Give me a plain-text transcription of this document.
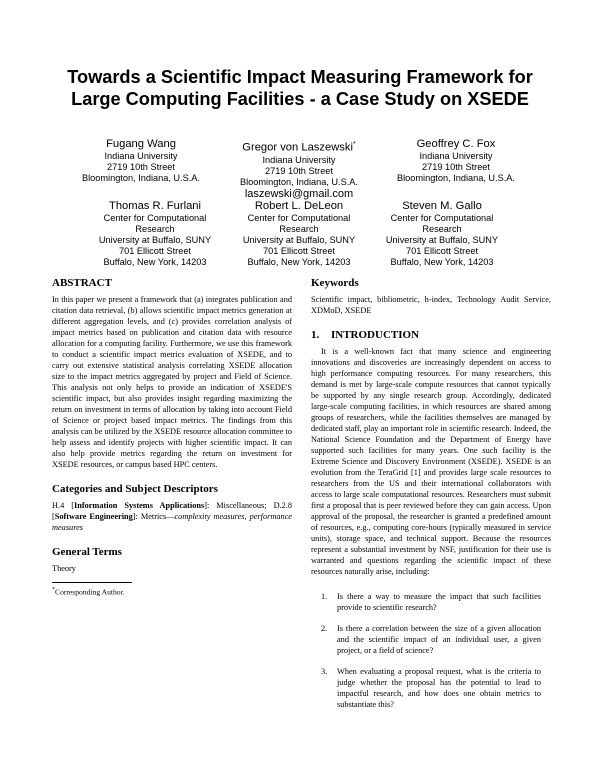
Towards a Scientific Impact Measuring Framework for
Large Computing Facilities - a Case Study on XSEDE
Fugang Wang
Indiana University
2719 10th Street
Bloomington, Indiana, U.S.A.
Gregor von Laszewski*
Indiana University
2719 10th Street
Bloomington, Indiana, U.S.A.
laszewski@gmail.com
Geoffrey C. Fox
Indiana University
2719 10th Street
Bloomington, Indiana, U.S.A.
Thomas R. Furlani
Center for Computational
Research
University at Buffalo, SUNY
701 Ellicott Street
Buffalo, New York, 14203
Robert L. DeLeon
Center for Computational
Research
University at Buffalo, SUNY
701 Ellicott Street
Buffalo, New York, 14203
Steven M. Gallo
Center for Computational
Research
University at Buffalo, SUNY
701 Ellicott Street
Buffalo, New York, 14203
ABSTRACT

In this paper we present a framework that (a) integrates publication and citation data retrieval, (b) allows scientific impact metrics generation at different aggregation levels, and (c) provides correlation analysis of impact metrics based on publication and citation data with resource allocation for a computing facility. Furthermore, we use this framework to conduct a scientific impact metrics evaluation of XSEDE, and to carry out extensive statistical analysis correlating XSEDE allocation size to the impact metrics aggregated by project and Field of Science. This analysis not only helps to provide an indication of XSEDE'S scientific impact, but also provides insight regarding maximizing the return on investment in terms of allocation by taking into account Field of Science or project based impact metrics. The findings from this analysis can be utilized by the XSEDE resource allocation committee to help assess and identify projects with higher scientific impact. It can also help provide metrics regarding the return on investment for XSEDE resources, or campus based HPC centers.

Categories and Subject Descriptors

H.4 [Information Systems Applications]: Miscellaneous; D.2.8 [Software Engineering]: Metrics—complexity measures, performance measures

General Terms

Theory

*Corresponding Author.
Keywords

Scientific impact, bibliometric, h-index, Technology Audit Service, XDMoD, XSEDE

1. INTRODUCTION

It is a well-known fact that many science and engineering innovations and discoveries are increasingly dependent on access to high performance computing resources. For many researchers, this demand is met by large-scale compute resources that cannot typically be supported by any single research group. Accordingly, dedicated large-scale computing facilities, in which resources are shared among groups of researchers, while the facilities themselves are managed by dedicated staff, play an important role in scientific research. Indeed, the National Science Foundation and the Department of Energy have supported such facilities for many years. One such facility is the Extreme Science and Discovery Environment (XSEDE). XSEDE is an evolution from the TeraGrid [1] and provides large scale resources to researchers from the US and their international collaborators with access to large scale computational resources. Researchers must submit first a proposal that is peer reviewed before they can gain access. Upon approval of the proposal, the researcher is granted a predefined amount of resources, e.g., computing core-hours (typically measured in service units), storage space, and technical support. Because the resources represent a substantial investment by NSF, justification for their use is warranted and questions regarding the scientific impact of these resources naturally arise, including:

1. Is there a way to measure the impact that such facilities provide to scientific research?
2. Is there a correlation between the size of a given allocation and the scientific impact of an individual user, a given project, or a field of science?
3. When evaluating a proposal request, what is the criteria to judge whether the proposal has the potential to lead to impactful research, and how does one obtain metrics to substantiate this?
